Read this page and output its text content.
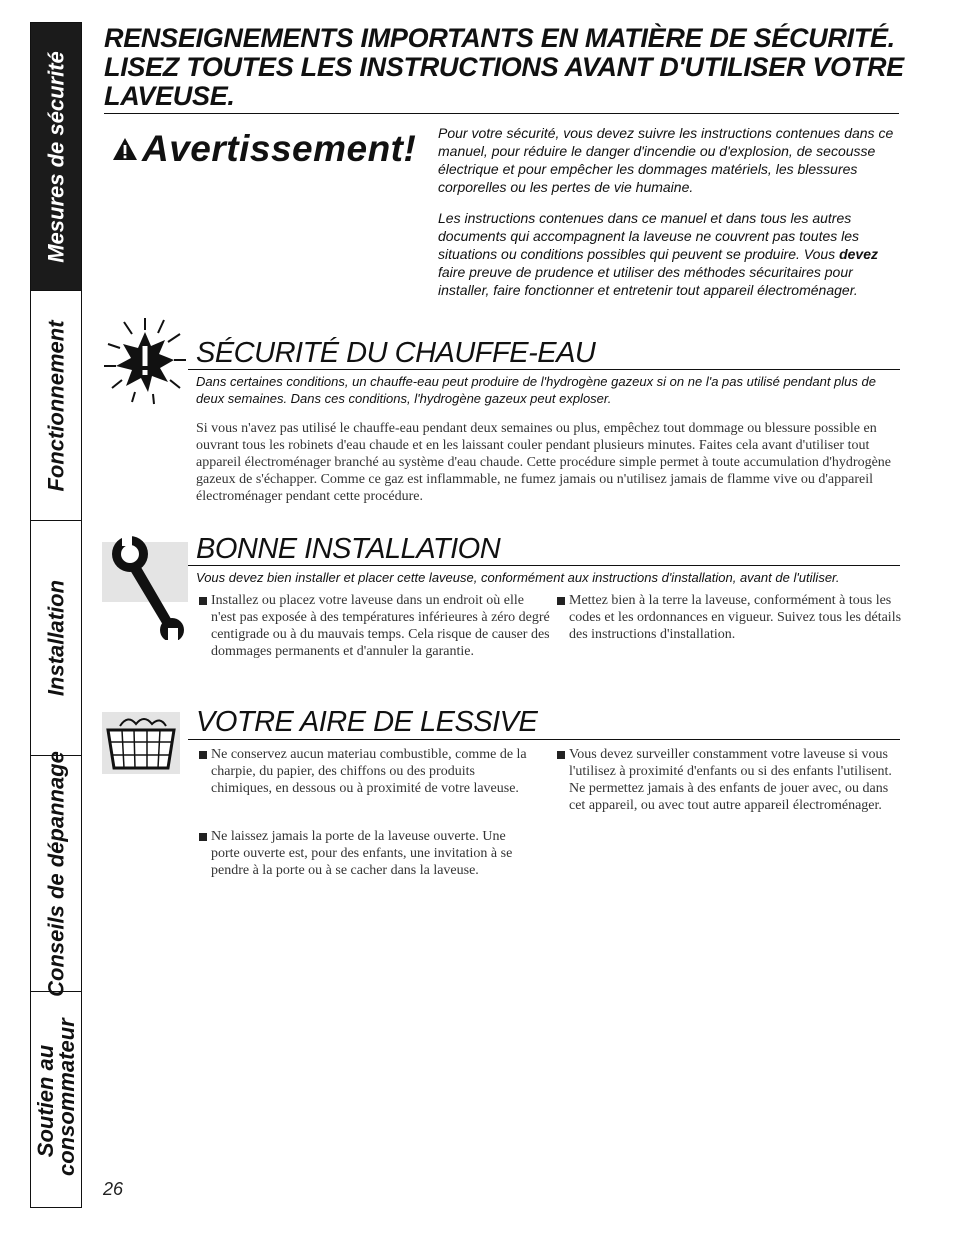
Mesures de sécurité
Fonctionnement
Installation
Conseils de dépannage
Soutien au consommateur
RENSEIGNEMENTS IMPORTANTS EN MATIÈRE DE SÉCURITÉ.
LISEZ TOUTES LES INSTRUCTIONS AVANT D'UTILISER VOTRE
LAVEUSE.
Avertissement! Pour votre sécurité, vous devez suivre les instructions contenues dans ce manuel, pour réduire le danger d'incendie ou d'explosion, de secousse électrique et pour empêcher les dommages matériels, les blessures corporelles ou les pertes de vie humaine.
Les instructions contenues dans ce manuel et dans tous les autres documents qui accompagnent la laveuse ne couvrent pas toutes les situations ou conditions possibles qui peuvent se produire. Vous devez faire preuve de prudence et utiliser des méthodes sécuritaires pour installer, faire fonctionner et entretenir tout appareil électroménager.
SÉCURITÉ DU CHAUFFE-EAU
Dans certaines conditions, un chauffe-eau peut produire de l'hydrogène gazeux si on ne l'a pas utilisé pendant plus de deux semaines. Dans ces conditions, l'hydrogène gazeux peut exploser.
Si vous n'avez pas utilisé le chauffe-eau pendant deux semaines ou plus, empêchez tout dommage ou blessure possible en ouvrant tous les robinets d'eau chaude et en les laissant couler pendant plusieurs minutes. Faites cela avant d'utiliser tout appareil électroménager branché au système d'eau chaude. Cette procédure simple permet à toute accumulation d'hydrogène gazeux de s'échapper. Comme ce gaz est inflammable, ne fumez jamais ou n'utilisez jamais de flamme vive ou d'appareil électroménager pendant cette procédure.
BONNE INSTALLATION
Vous devez bien installer et placer cette laveuse, conformément aux instructions d'installation, avant de l'utiliser.
Installez ou placez votre laveuse dans un endroit où elle n'est pas exposée à des températures inférieures à zéro degré centigrade ou à du mauvais temps. Cela risque de causer des dommages permanents et d'annuler la garantie.
Mettez bien à la terre la laveuse, conformément à tous les codes et les ordonnances en vigueur. Suivez tous les détails des instructions d'installation.
VOTRE AIRE DE LESSIVE
Ne conservez aucun materiau combustible, comme de la charpie, du papier, des chiffons ou des produits chimiques, en dessous ou à proximité de votre laveuse.
Ne laissez jamais la porte de la laveuse ouverte. Une porte ouverte est, pour des enfants, une invitation à se pendre à la porte ou à se cacher dans la laveuse.
Vous devez surveiller constamment votre laveuse si vous l'utilisez à proximité d'enfants ou si des enfants l'utilisent. Ne permettez jamais à des enfants de jouer avec, ou dans cet appareil, ou avec tout autre appareil électroménager.
26
